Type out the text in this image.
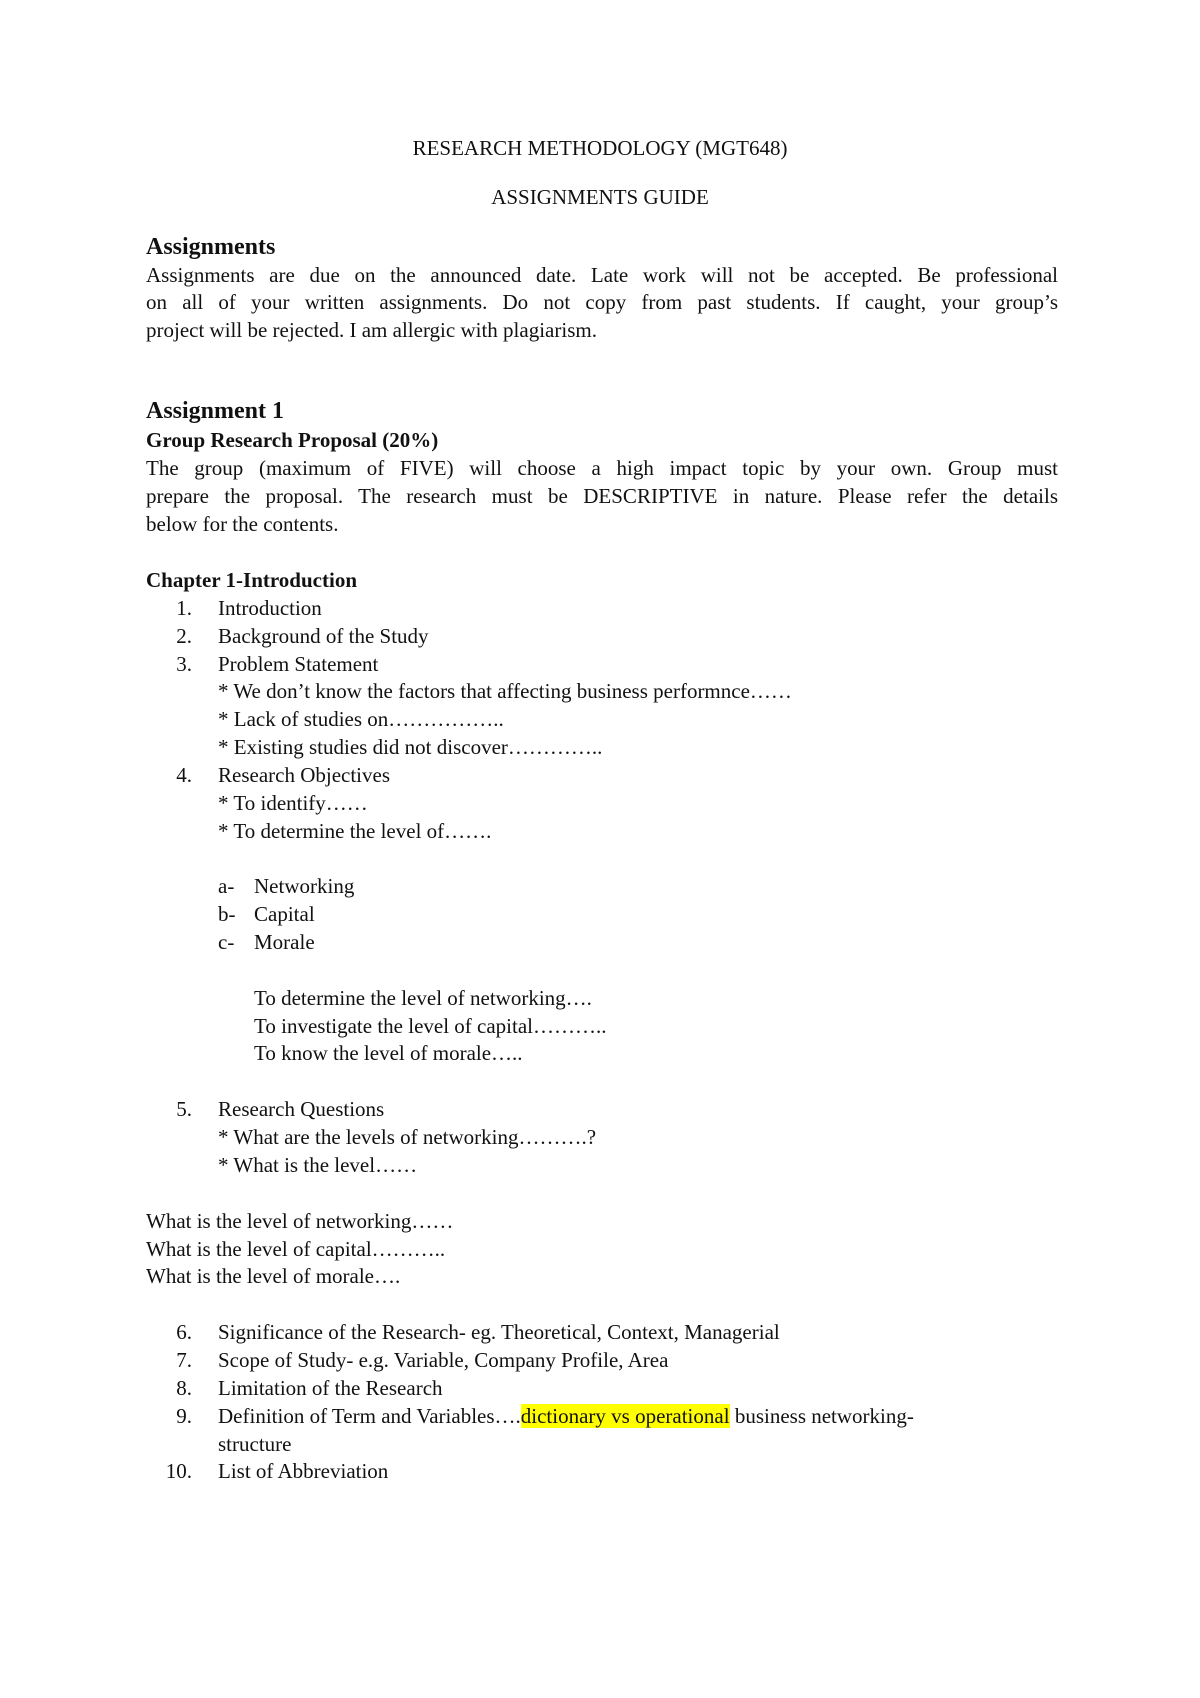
RESEARCH METHODOLOGY (MGT648)
ASSIGNMENTS GUIDE
Assignments
Assignments are due on the announced date. Late work will not be accepted. Be professional
on all of your written assignments. Do not copy from past students. If caught, your group’s
project will be rejected. I am allergic with plagiarism.
Assignment 1
Group Research Proposal (20%)
The group (maximum of FIVE) will choose a high impact topic by your own. Group must
prepare the proposal. The research must be DESCRIPTIVE in nature. Please refer the details
below for the contents.
Chapter 1-Introduction
1. Introduction
2. Background of the Study
3. Problem Statement
* We don’t know the factors that affecting business performnce……
* Lack of studies on……………..
* Existing studies did not discover…………..
4. Research Objectives
* To identify……
* To determine the level of…….
a- Networking
b- Capital
c- Morale
To determine the level of networking….
To investigate the level of capital………..
To know the level of morale…..
5. Research Questions
* What are the levels of networking……….?
* What is the level……
What is the level of networking……
What is the level of capital………..
What is the level of morale….
6. Significance of the Research- eg. Theoretical, Context, Managerial
7. Scope of Study- e.g. Variable, Company Profile, Area
8. Limitation of the Research
9. Definition of Term and Variables….dictionary vs operational business networking-
structure
10. List of Abbreviation
